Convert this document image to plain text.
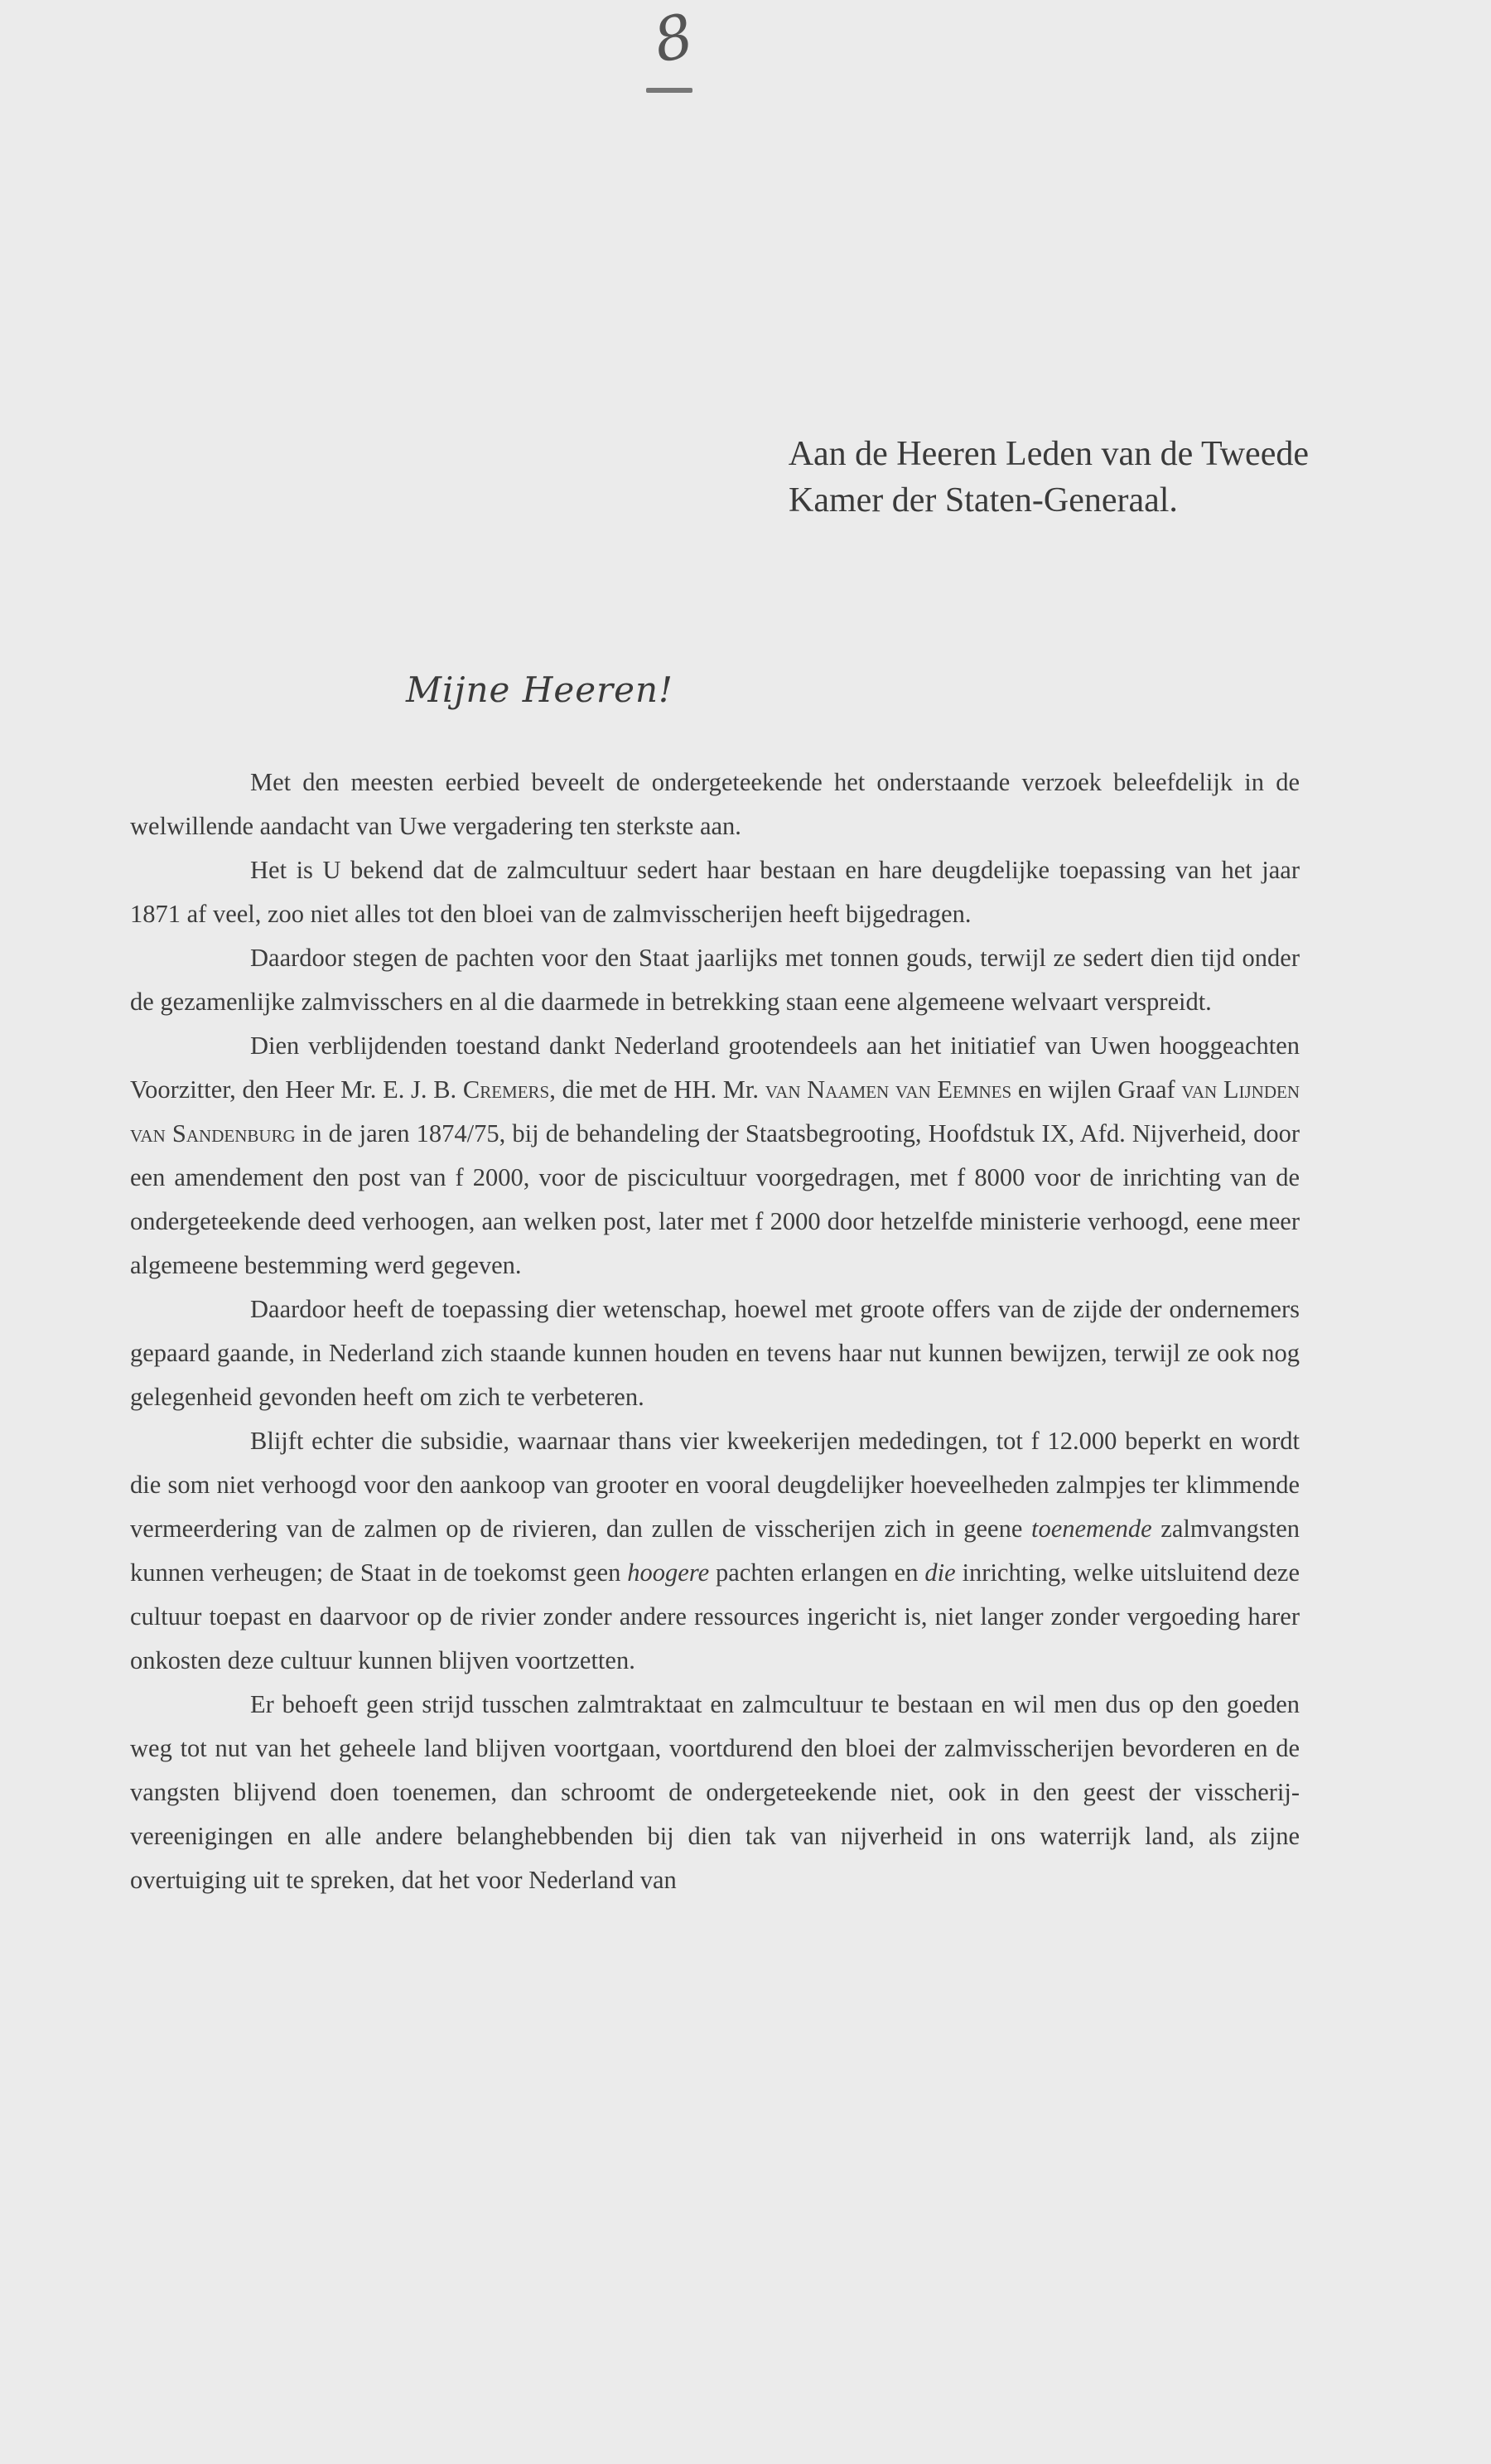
8
Aan de Heeren Leden van de Tweede
Kamer der Staten-Generaal.
Mijne Heeren!

Met den meesten eerbied beveelt de ondergeteekende het onderstaande verzoek beleefdelijk in de welwillende aandacht van Uwe vergadering ten sterkste aan.

Het is U bekend dat de zalmcultuur sedert haar bestaan en hare deugdelijke toepassing van het jaar 1871 af veel, zoo niet alles tot den bloei van de zalmvisscherijen heeft bijgedragen.

Daardoor stegen de pachten voor den Staat jaarlijks met tonnen gouds, terwijl ze sedert dien tijd onder de gezamenlijke zalmvisschers en al die daarmede in betrekking staan eene algemeene welvaart verspreidt.

Dien verblijdenden toestand dankt Nederland grootendeels aan het initiatief van Uwen hooggeachten Voorzitter, den Heer Mr. E. J. B. Cremers, die met de HH. Mr. van Naamen van Eemnes en wijlen Graaf van Lijnden van Sandenburg in de jaren 1874/75, bij de behandeling der Staatsbegrooting, Hoofdstuk IX, Afd. Nijverheid, door een amendement den post van f 2000, voor de piscicultuur voorgedragen, met f 8000 voor de inrichting van de ondergeteekende deed verhoogen, aan welken post, later met f 2000 door hetzelfde ministerie verhoogd, eene meer algemeene bestemming werd gegeven.

Daardoor heeft de toepassing dier wetenschap, hoewel met groote offers van de zijde der ondernemers gepaard gaande, in Nederland zich staande kunnen houden en tevens haar nut kunnen bewijzen, terwijl ze ook nog gelegenheid gevonden heeft om zich te verbeteren.

Blijft echter die subsidie, waarnaar thans vier kweekerijen mededingen, tot f 12.000 beperkt en wordt die som niet verhoogd voor den aankoop van grooter en vooral deugdelijker hoeveelheden zalmpjes ter klimmende vermeerdering van de zalmen op de rivieren, dan zullen de visscherijen zich in geene toenemende zalmvangsten kunnen verheugen; de Staat in de toekomst geen hoogere pachten erlangen en die inrichting, welke uitsluitend deze cultuur toepast en daarvoor op de rivier zonder andere ressources ingericht is, niet langer zonder vergoeding harer onkosten deze cultuur kunnen blijven voortzetten.

Er behoeft geen strijd tusschen zalmtraktaat en zalmcultuur te bestaan en wil men dus op den goeden weg tot nut van het geheele land blijven voortgaan, voortdurend den bloei der zalmvisscherijen bevorderen en de vangsten blijvend doen toenemen, dan schroomt de ondergeteekende niet, ook in den geest der visscherij-vereenigingen en alle andere belanghebbenden bij dien tak van nijverheid in ons waterrijk land, als zijne overtuiging uit te spreken, dat het voor Nederland van
